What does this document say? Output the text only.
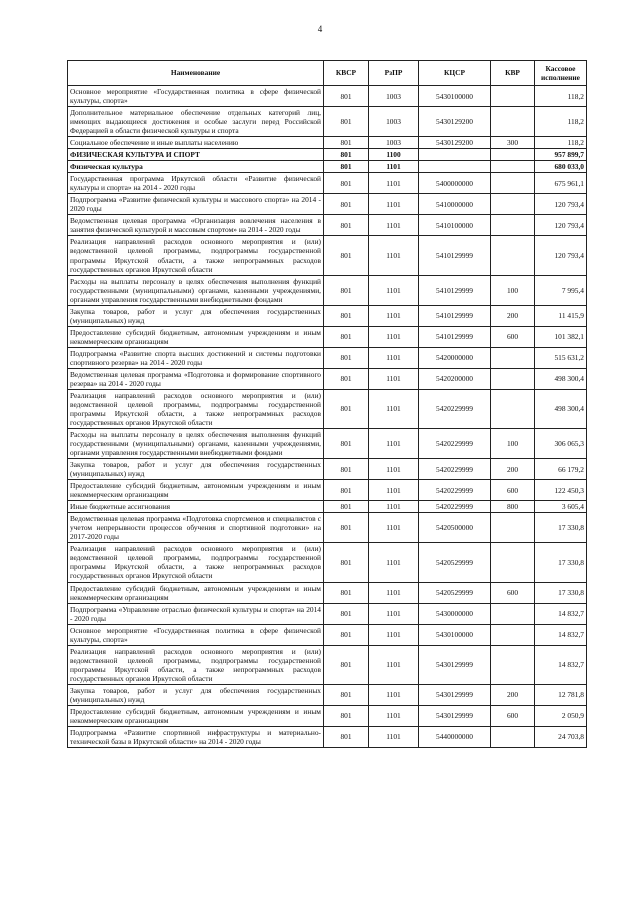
4
Наименование	КВСР	РзПР	КЦСР	КВР	Кассовое исполнение
Основное мероприятие «Государственная политика в сфере физической культуры, спорта»	801	1003	5430100000		118,2
Дополнительное материальное обеспечение отдельных категорий лиц, имеющих выдающиеся достижения и особые заслуги перед Российской Федерацией в области физической культуры и спорта	801	1003	5430129200		118,2
Социальное обеспечение и иные выплаты населению	801	1003	5430129200	300	118,2
ФИЗИЧЕСКАЯ КУЛЬТУРА И СПОРТ	801	1100			957 899,7
Физическая культура	801	1101			680 033,0
Государственная программа Иркутской области «Развитие физической культуры и спорта» на 2014 - 2020 годы	801	1101	5400000000		675 961,1
Подпрограмма «Развитие физической культуры и массового спорта» на 2014 - 2020 годы	801	1101	5410000000		120 793,4
Ведомственная целевая программа «Организация вовлечения населения в занятия физической культурой и массовым спортом» на 2014 - 2020 годы	801	1101	5410100000		120 793,4
Реализация направлений расходов основного мероприятия и (или) ведомственной целевой программы, подпрограммы государственной программы Иркутской области, а также непрограммных расходов государственных органов Иркутской области	801	1101	5410129999		120 793,4
Расходы на выплаты персоналу в целях обеспечения выполнения функций государственными (муниципальными) органами, казенными учреждениями, органами управления государственными внебюджетными фондами	801	1101	5410129999	100	7 995,4
Закупка товаров, работ и услуг для обеспечения государственных (муниципальных) нужд	801	1101	5410129999	200	11 415,9
Предоставление субсидий бюджетным, автономным учреждениям и иным некоммерческим организациям	801	1101	5410129999	600	101 382,1
Подпрограмма «Развитие спорта высших достижений и системы подготовки спортивного резерва» на 2014 - 2020 годы	801	1101	5420000000		515 631,2
Ведомственная целевая программа «Подготовка и формирование спортивного резерва» на 2014 - 2020 годы	801	1101	5420200000		498 300,4
Реализация направлений расходов основного мероприятия и (или) ведомственной целевой программы, подпрограммы государственной программы Иркутской области, а также непрограммных расходов государственных органов Иркутской области	801	1101	5420229999		498 300,4
Расходы на выплаты персоналу в целях обеспечения выполнения функций государственными (муниципальными) органами, казенными учреждениями, органами управления государственными внебюджетными фондами	801	1101	5420229999	100	306 065,3
Закупка товаров, работ и услуг для обеспечения государственных (муниципальных) нужд	801	1101	5420229999	200	66 179,2
Предоставление субсидий бюджетным, автономным учреждениям и иным некоммерческим организациям	801	1101	5420229999	600	122 450,3
Иные бюджетные ассигнования	801	1101	5420229999	800	3 605,4
Ведомственная целевая программа «Подготовка спортсменов и специалистов с учетом непрерывности процессов обучения и спортивной подготовки» на 2017-2020 годы	801	1101	5420500000		17 330,8
Реализация направлений расходов основного мероприятия и (или) ведомственной целевой программы, подпрограммы государственной программы Иркутской области, а также непрограммных расходов государственных органов Иркутской области	801	1101	5420529999		17 330,8
Предоставление субсидий бюджетным, автономным учреждениям и иным некоммерческим организациям	801	1101	5420529999	600	17 330,8
Подпрограмма «Управление отраслью физической культуры и спорта» на 2014 - 2020 годы	801	1101	5430000000		14 832,7
Основное мероприятие «Государственная политика в сфере физической культуры, спорта»	801	1101	5430100000		14 832,7
Реализация направлений расходов основного мероприятия и (или) ведомственной целевой программы, подпрограммы государственной программы Иркутской области, а также непрограммных расходов государственных органов Иркутской области	801	1101	5430129999		14 832,7
Закупка товаров, работ и услуг для обеспечения государственных (муниципальных) нужд	801	1101	5430129999	200	12 781,8
Предоставление субсидий бюджетным, автономным учреждениям и иным некоммерческим организациям	801	1101	5430129999	600	2 050,9
Подпрограмма «Развитие спортивной инфраструктуры и материально- технической базы в Иркутской области» на 2014 - 2020 годы	801	1101	5440000000		24 703,8
